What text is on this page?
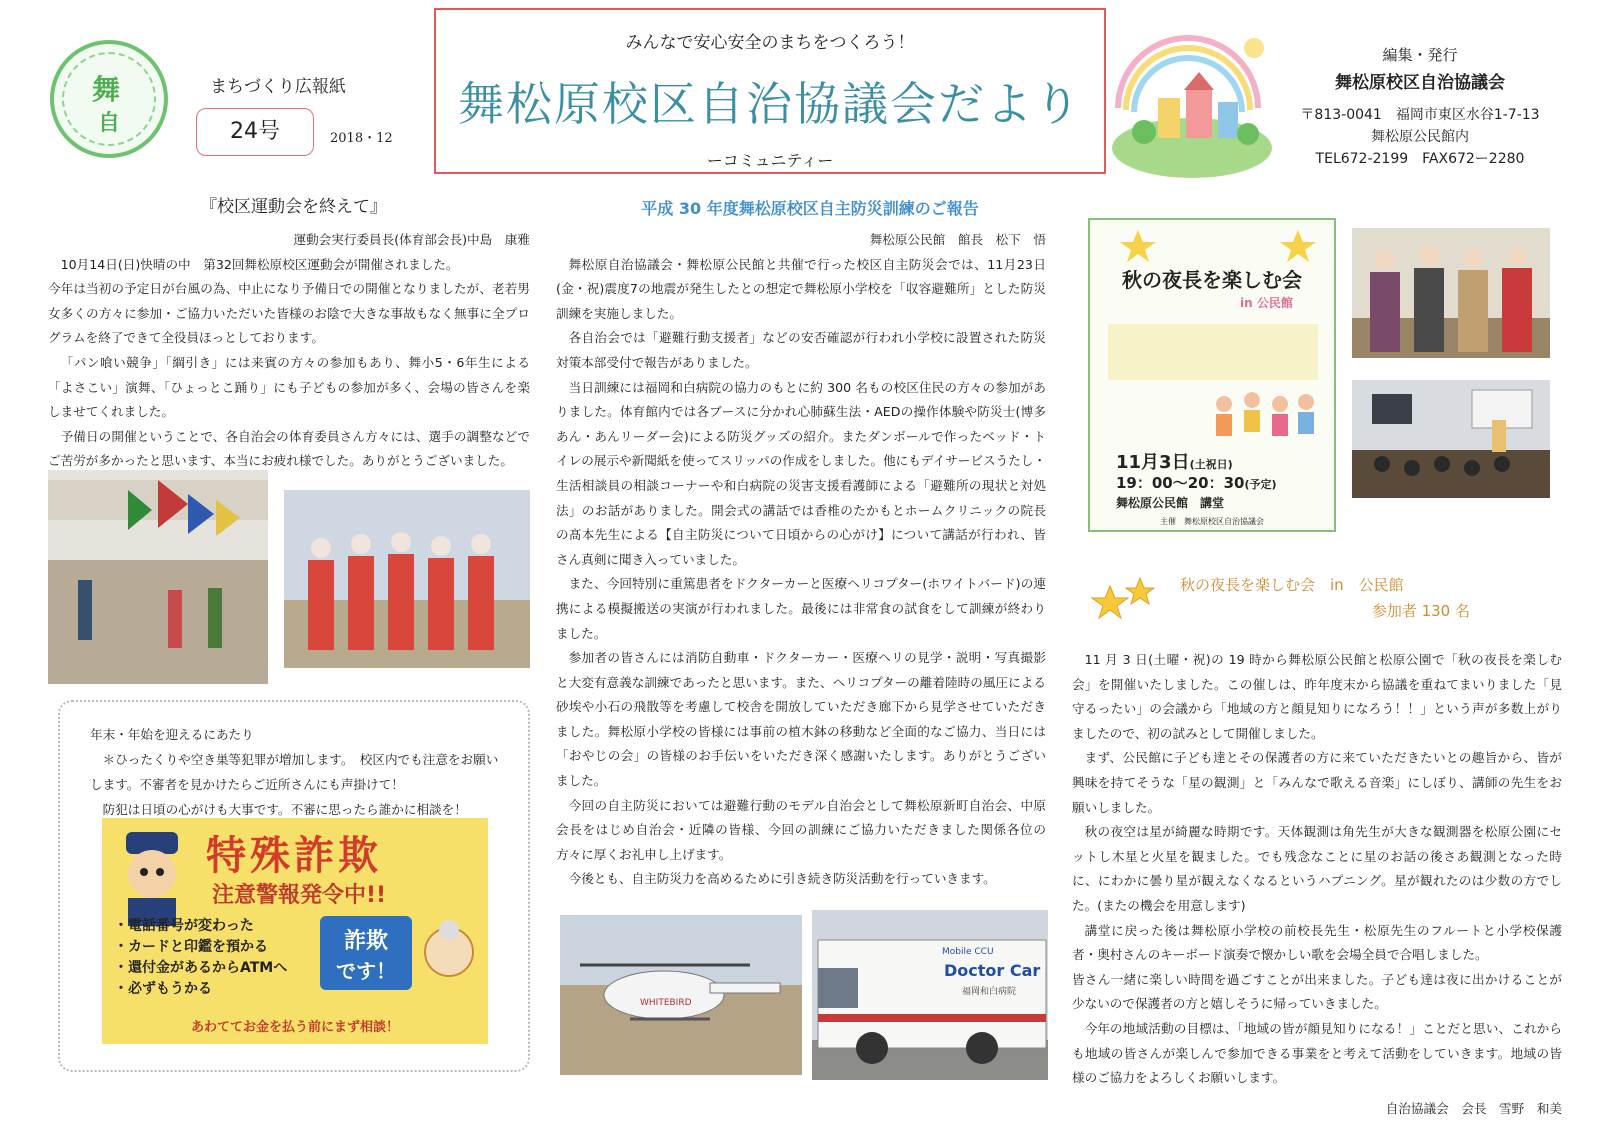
舞
自
まちづくり広報紙
24号	2018・12
みんなで安心安全のまちをつくろう！
舞松原校区自治協議会だより
ーコミュニティー
編集・発行
舞松原校区自治協議会
〒813-0041　福岡市東区水谷1-7-13
舞松原公民館内
TEL672-2199　FAX672ー2280
『校区運動会を終えて』
運動会実行委員長(体育部会長)中島　康雅
10月14日(日)快晴の中　第32回舞松原校区運動会が開催されました。
今年は当初の予定日が台風の為、中止になり予備日での開催となりましたが、老若男女多くの方々に参加・ご協力いただいた皆様のお陰で大きな事故もなく無事に全プログラムを終了できて全役員ほっとしております。
「パン喰い競争」「綱引き」には来賓の方々の参加もあり、舞小5・6年生による「よさこい」演舞、「ひょっとこ踊り」にも子どもの参加が多く、会場の皆さんを楽しませてくれました。
予備日の開催ということで、各自治会の体育委員さん方々には、選手の調整などでご苦労が多かったと思います、本当にお疲れ様でした。ありがとうございました。
年末・年始を迎えるにあたり
＊ひったくりや空き巣等犯罪が増加します。　校区内でも注意をお願いします。不審者を見かけたらご近所さんにも声掛けて！
防犯は日頃の心がけも大事です。不審に思ったら誰かに相談を！
特殊詐欺
注意警報発令中!!
・電話番号が変わった
・カードと印鑑を預かる
・還付金があるからATMへ
・必ずもうかる
詐欺
です！
あわててお金を払う前にまず相談！
平成 30 年度舞松原校区自主防災訓練のご報告
舞松原公民館　館長　松下　悟
舞松原自治協議会・舞松原公民館と共催で行った校区自主防災会では、11月23日(金・祝)震度7の地震が発生したとの想定で舞松原小学校を「収容避難所」とした防災訓練を実施しました。
各自治会では「避難行動支援者」などの安否確認が行われ小学校に設置された防災対策本部受付で報告がありました。
当日訓練には福岡和白病院の協力のもとに約 300 名もの校区住民の方々の参加がありました。体育館内では各ブースに分かれ心肺蘇生法・AEDの操作体験や防災士(博多あん・あんリーダー会)による防災グッズの紹介。またダンボールで作ったベッド・トイレの展示や新聞紙を使ってスリッパの作成をしました。他にもデイサービスうたし・生活相談員の相談コーナーや和白病院の災害支援看護師による「避難所の現状と対処法」のお話がありました。開会式の講話では香椎のたかもとホームクリニックの院長の髙本先生による【自主防災について日頃からの心がけ】について講話が行われ、皆さん真剣に聞き入っていました。
また、今回特別に重篤患者をドクターカーと医療ヘリコプター(ホワイトバード)の連携による模擬搬送の実演が行われました。最後には非常食の試食をして訓練が終わりました。
参加者の皆さんには消防自動車・ドクターカー・医療ヘリの見学・説明・写真撮影と大変有意義な訓練であったと思います。また、ヘリコプターの離着陸時の風圧による砂埃や小石の飛散等を考慮して校舎を開放していただき廊下から見学させていただきました。舞松原小学校の皆様には事前の植木鉢の移動など全面的なご協力、当日には「おやじの会」の皆様のお手伝いをいただき深く感謝いたします。ありがとうございました。
今回の自主防災においては避難行動のモデル自治会として舞松原新町自治会、中原会長をはじめ自治会・近隣の皆様、今回の訓練にご協力いただきました関係各位の方々に厚くお礼申し上げます。
今後とも、自主防災力を高めるために引き続き防災活動を行っていきます。
WHITEBIRD
Mobile CCU
Doctor Car
福岡和白病院
秋の夜長を楽しむ会
in 公民館
11月3日(土祝日)
19：00〜20：30(予定)
舞松原公民館　講堂
主催　舞松原校区自治協議会
秋の夜長を楽しむ会　in　公民館
参加者 130 名
11 月 3 日(土曜・祝)の 19 時から舞松原公民館と松原公園で「秋の夜長を楽しむ会」を開催いたしました。この催しは、昨年度末から協議を重ねてまいりました「見守るったい」の会議から「地域の方と顔見知りになろう！！」という声が多数上がりましたので、初の試みとして開催しました。
まず、公民館に子ども達とその保護者の方に来ていただきたいとの趣旨から、皆が興味を持てそうな「星の観測」と「みんなで歌える音楽」にしぼり、講師の先生をお願いしました。
秋の夜空は星が綺麗な時期です。天体観測は角先生が大きな観測器を松原公園にセットし木星と火星を観ました。でも残念なことに星のお話の後さあ観測となった時に、にわかに曇り星が観えなくなるというハプニング。星が観れたのは少数の方でした。(またの機会を用意します)
講堂に戻った後は舞松原小学校の前校長先生・松原先生のフルートと小学校保護者・奥村さんのキーボード演奏で懐かしい歌を会場全員で合唱しました。
皆さん一緒に楽しい時間を過ごすことが出来ました。子ども達は夜に出かけることが少ないので保護者の方と嬉しそうに帰っていきました。
今年の地域活動の目標は、「地域の皆が顔見知りになる！」ことだと思い、これからも地域の皆さんが楽しんで参加できる事業をと考えて活動をしていきます。地域の皆様のご協力をよろしくお願いします。
自治協議会　会長　雪野　和美
